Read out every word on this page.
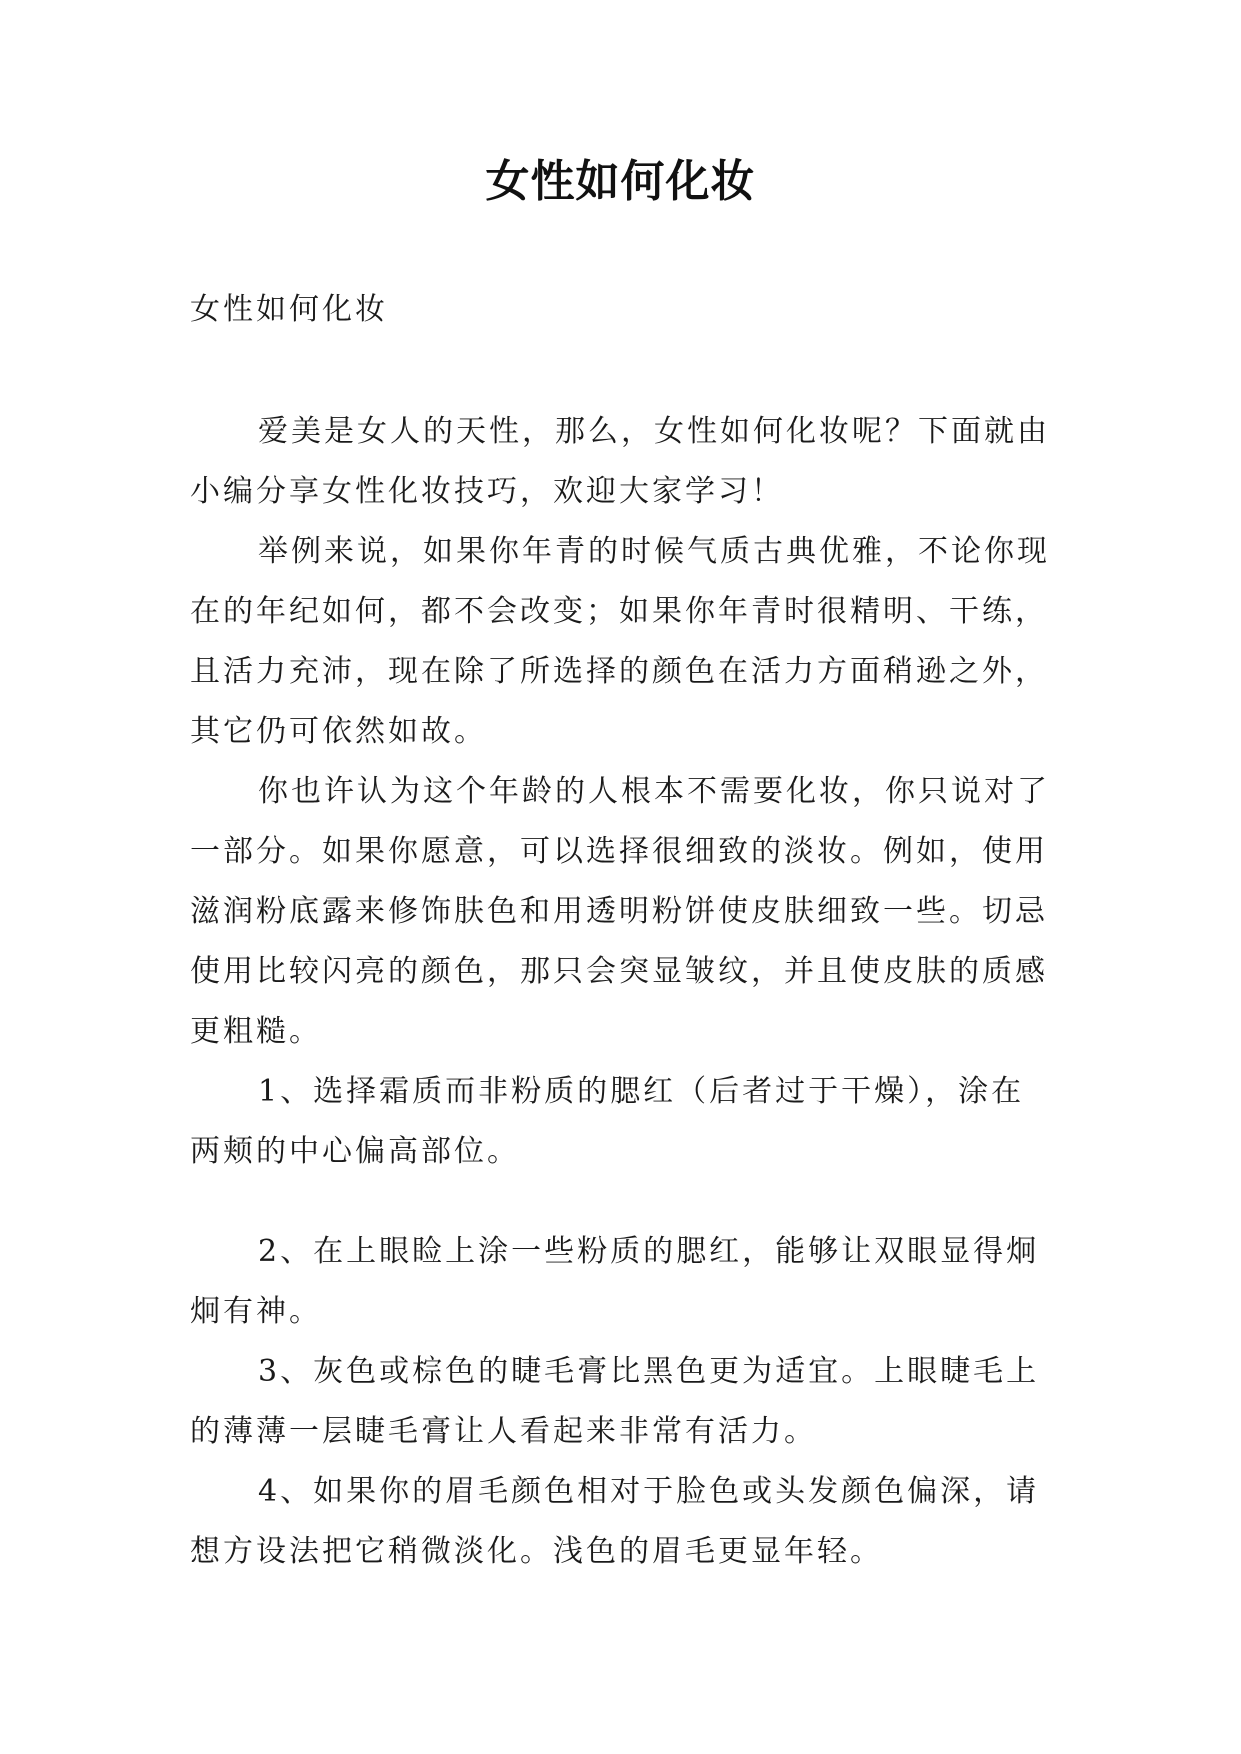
女性如何化妆

女性如何化妆

爱美是女人的天性，那么，女性如何化妆呢？下面就由小编分享女性化妆技巧，欢迎大家学习！

举例来说，如果你年青的时候气质古典优雅，不论你现在的年纪如何，都不会改变；如果你年青时很精明、干练，且活力充沛，现在除了所选择的颜色在活力方面稍逊之外，其它仍可依然如故。

你也许认为这个年龄的人根本不需要化妆，你只说对了一部分。如果你愿意，可以选择很细致的淡妆。例如，使用滋润粉底露来修饰肤色和用透明粉饼使皮肤细致一些。切忌使用比较闪亮的颜色，那只会突显皱纹，并且使皮肤的质感更粗糙。

1、选择霜质而非粉质的腮红（后者过于干燥），涂在两颊的中心偏高部位。

2、在上眼睑上涂一些粉质的腮红，能够让双眼显得炯炯有神。

3、灰色或棕色的睫毛膏比黑色更为适宜。上眼睫毛上的薄薄一层睫毛膏让人看起来非常有活力。

4、如果你的眉毛颜色相对于脸色或头发颜色偏深，请想方设法把它稍微淡化。浅色的眉毛更显年轻。
